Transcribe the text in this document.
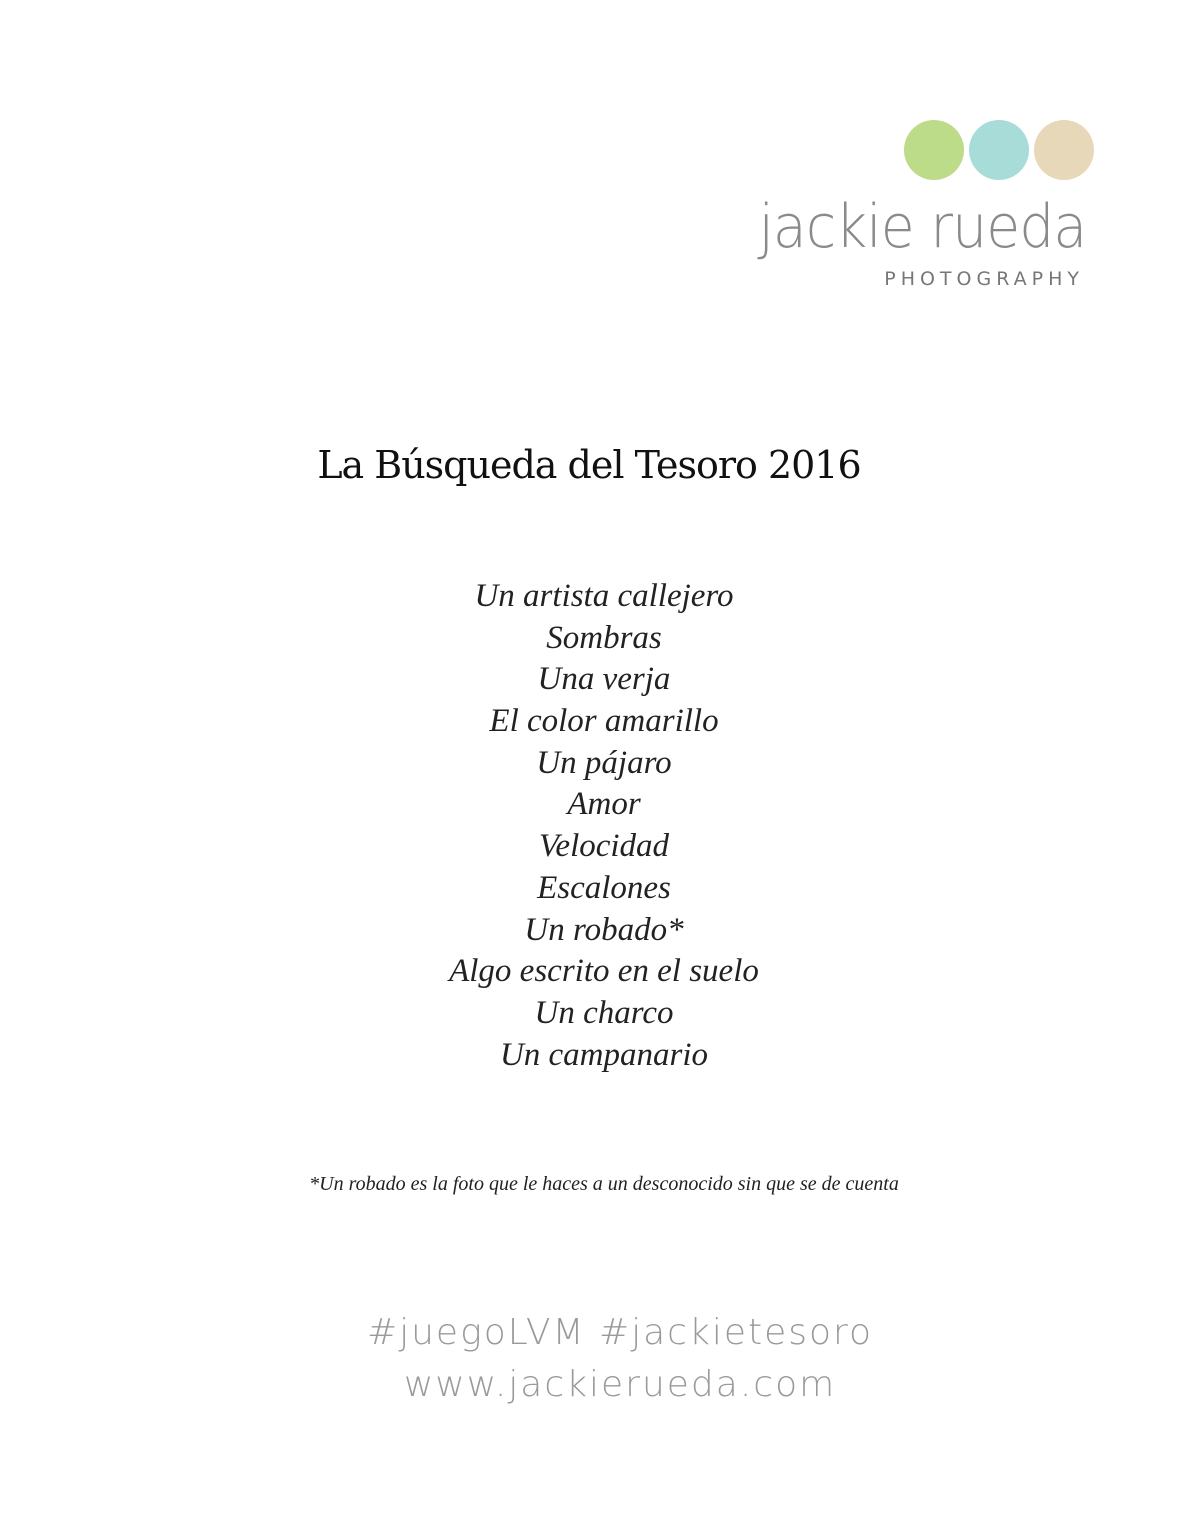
jackie rueda
PHOTOGRAPHY
La Búsqueda del Tesoro 2016
Un artista callejero
Sombras
Una verja
El color amarillo
Un pájaro
Amor
Velocidad
Escalones
Un robado*
Algo escrito en el suelo
Un charco
Un campanario
*Un robado es la foto que le haces a un desconocido sin que se de cuenta
#juegoLVM #jackietesoro
www.jackierueda.com
